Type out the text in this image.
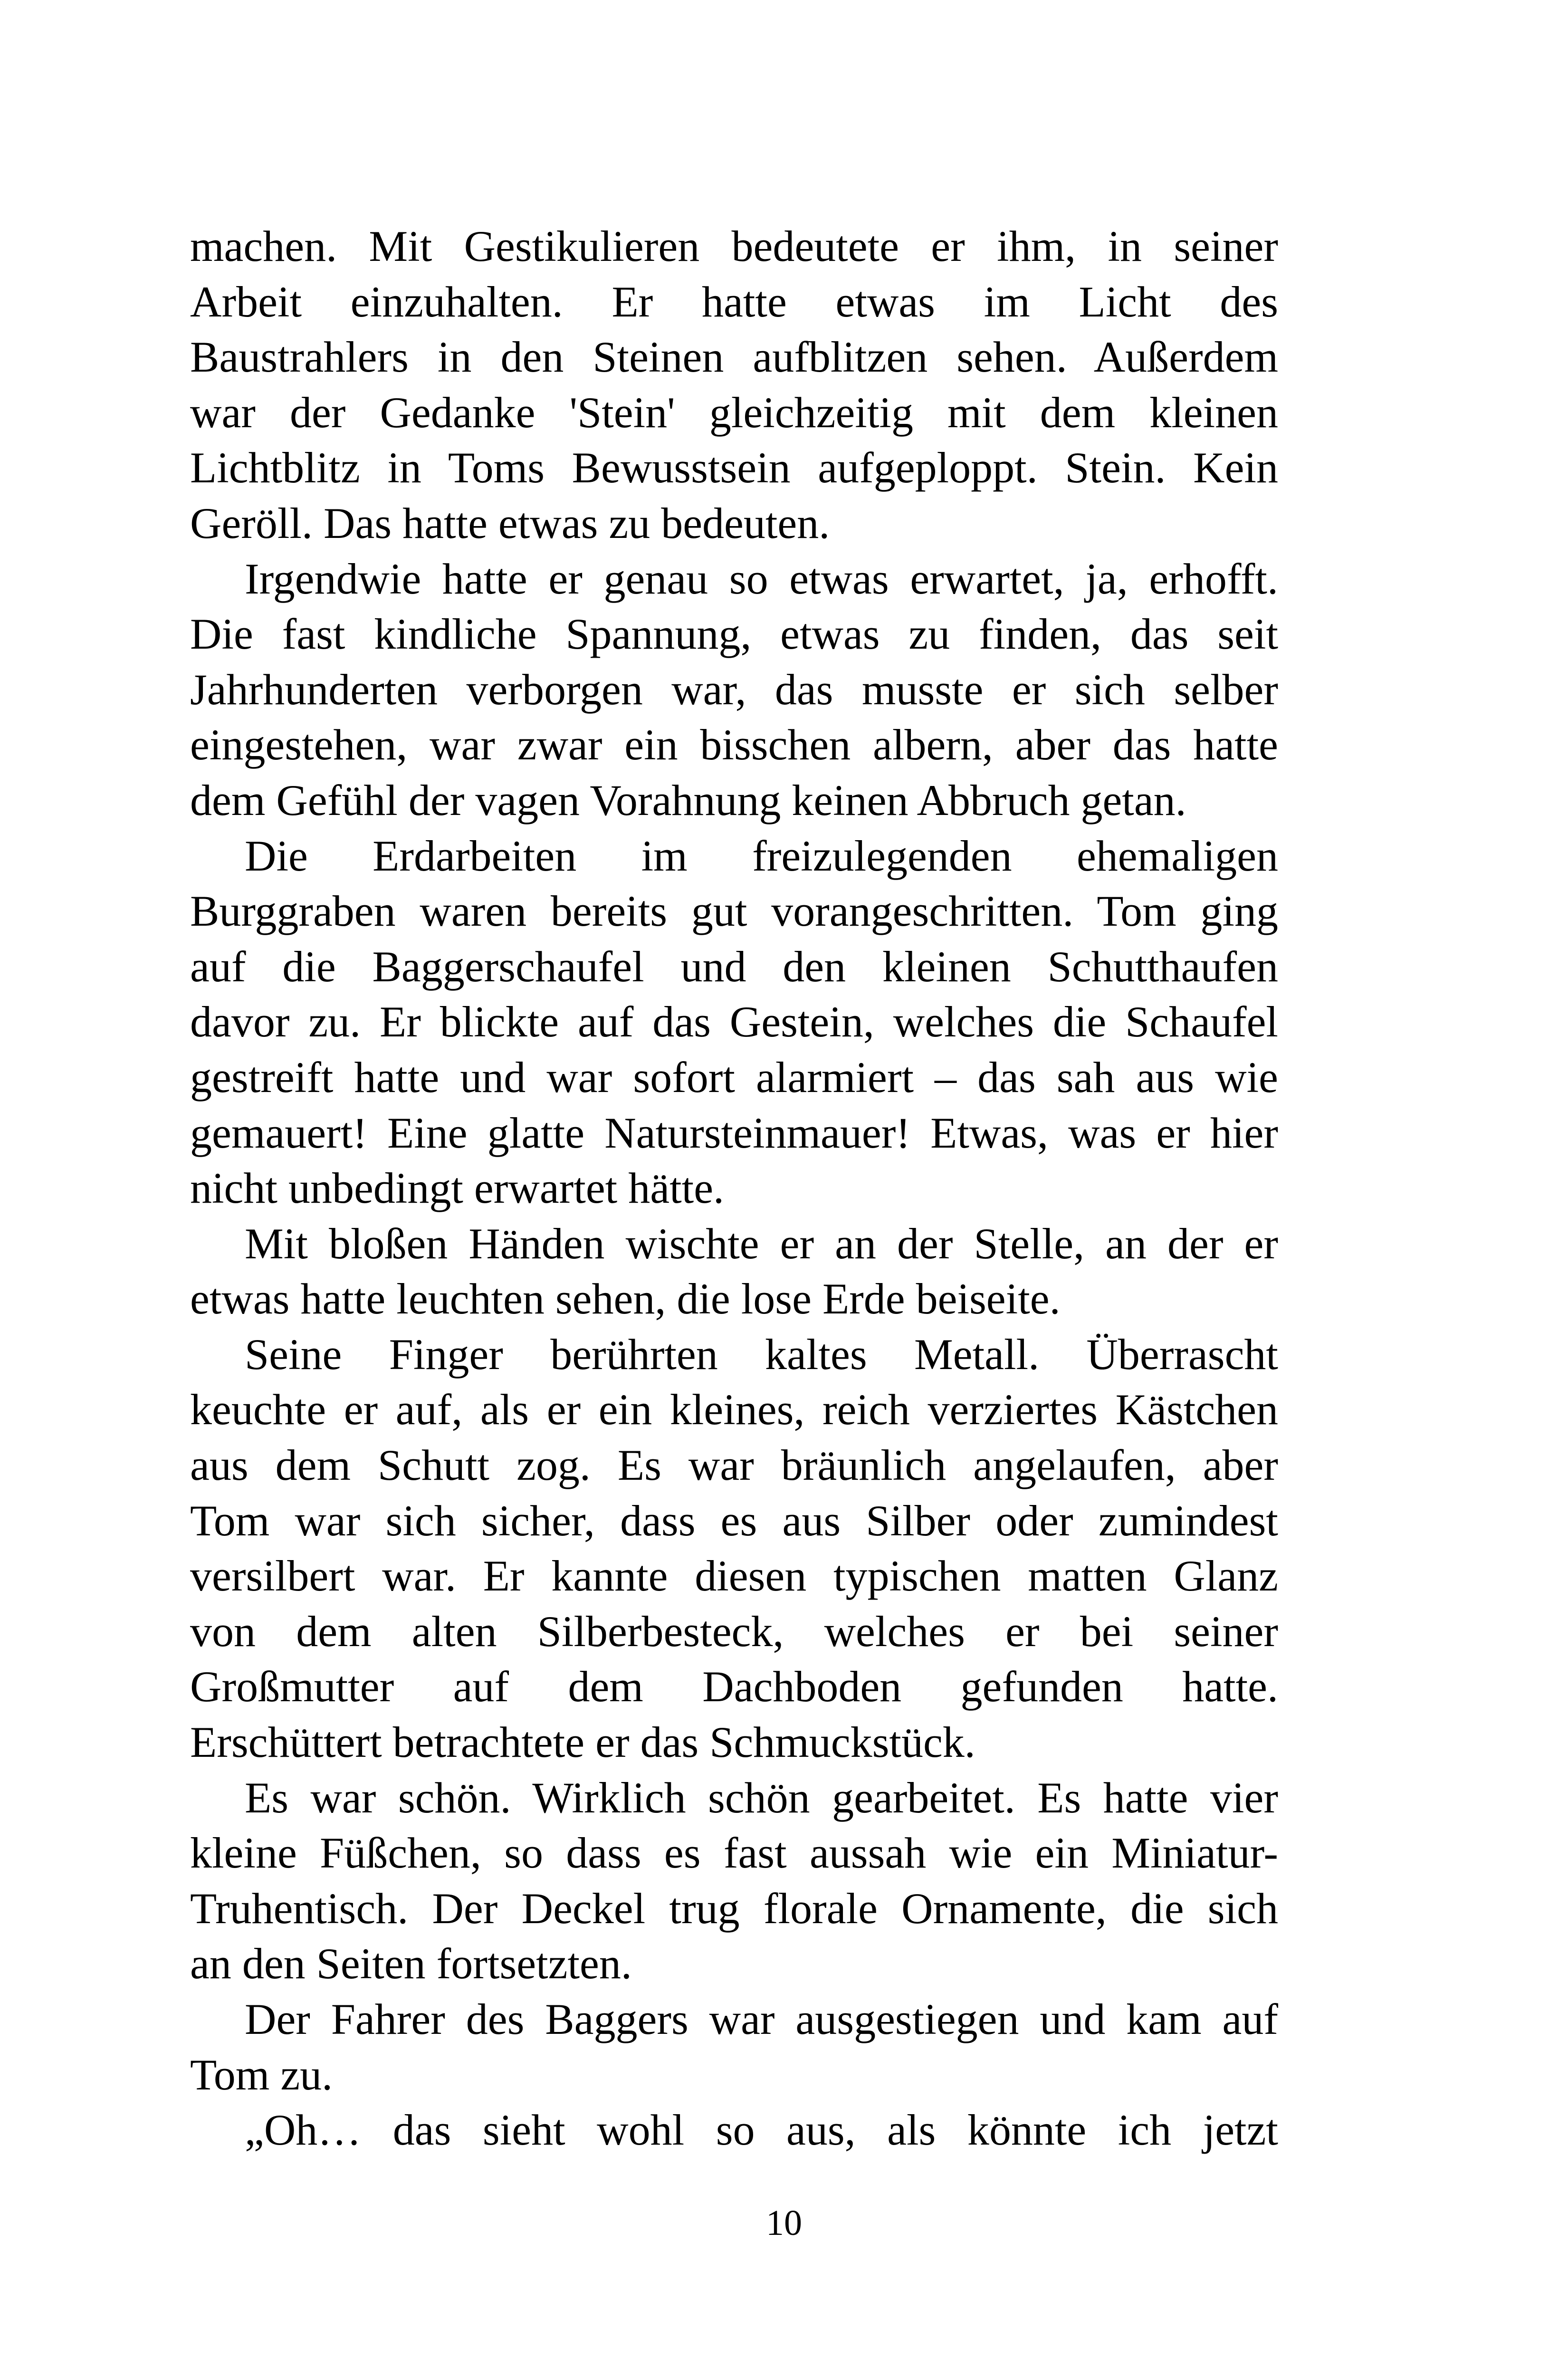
machen. Mit Gestikulieren bedeutete er ihm, in seiner
Arbeit einzuhalten. Er hatte etwas im Licht des
Baustrahlers in den Steinen aufblitzen sehen. Außerdem
war der Gedanke 'Stein' gleichzeitig mit dem kleinen
Lichtblitz in Toms Bewusstsein aufgeploppt. Stein. Kein
Geröll. Das hatte etwas zu bedeuten.
Irgendwie hatte er genau so etwas erwartet, ja, erhofft.
Die fast kindliche Spannung, etwas zu finden, das seit
Jahrhunderten verborgen war, das musste er sich selber
eingestehen, war zwar ein bisschen albern, aber das hatte
dem Gefühl der vagen Vorahnung keinen Abbruch getan.
Die Erdarbeiten im freizulegenden ehemaligen
Burggraben waren bereits gut vorangeschritten. Tom ging
auf die Baggerschaufel und den kleinen Schutthaufen
davor zu. Er blickte auf das Gestein, welches die Schaufel
gestreift hatte und war sofort alarmiert – das sah aus wie
gemauert! Eine glatte Natursteinmauer! Etwas, was er hier
nicht unbedingt erwartet hätte.
Mit bloßen Händen wischte er an der Stelle, an der er
etwas hatte leuchten sehen, die lose Erde beiseite.
Seine Finger berührten kaltes Metall. Überrascht
keuchte er auf, als er ein kleines, reich verziertes Kästchen
aus dem Schutt zog. Es war bräunlich angelaufen, aber
Tom war sich sicher, dass es aus Silber oder zumindest
versilbert war. Er kannte diesen typischen matten Glanz
von dem alten Silberbesteck, welches er bei seiner
Großmutter auf dem Dachboden gefunden hatte.
Erschüttert betrachtete er das Schmuckstück.
Es war schön. Wirklich schön gearbeitet. Es hatte vier
kleine Füßchen, so dass es fast aussah wie ein Miniatur-
Truhentisch. Der Deckel trug florale Ornamente, die sich
an den Seiten fortsetzten.
Der Fahrer des Baggers war ausgestiegen und kam auf
Tom zu.
„Oh… das sieht wohl so aus, als könnte ich jetzt
10
